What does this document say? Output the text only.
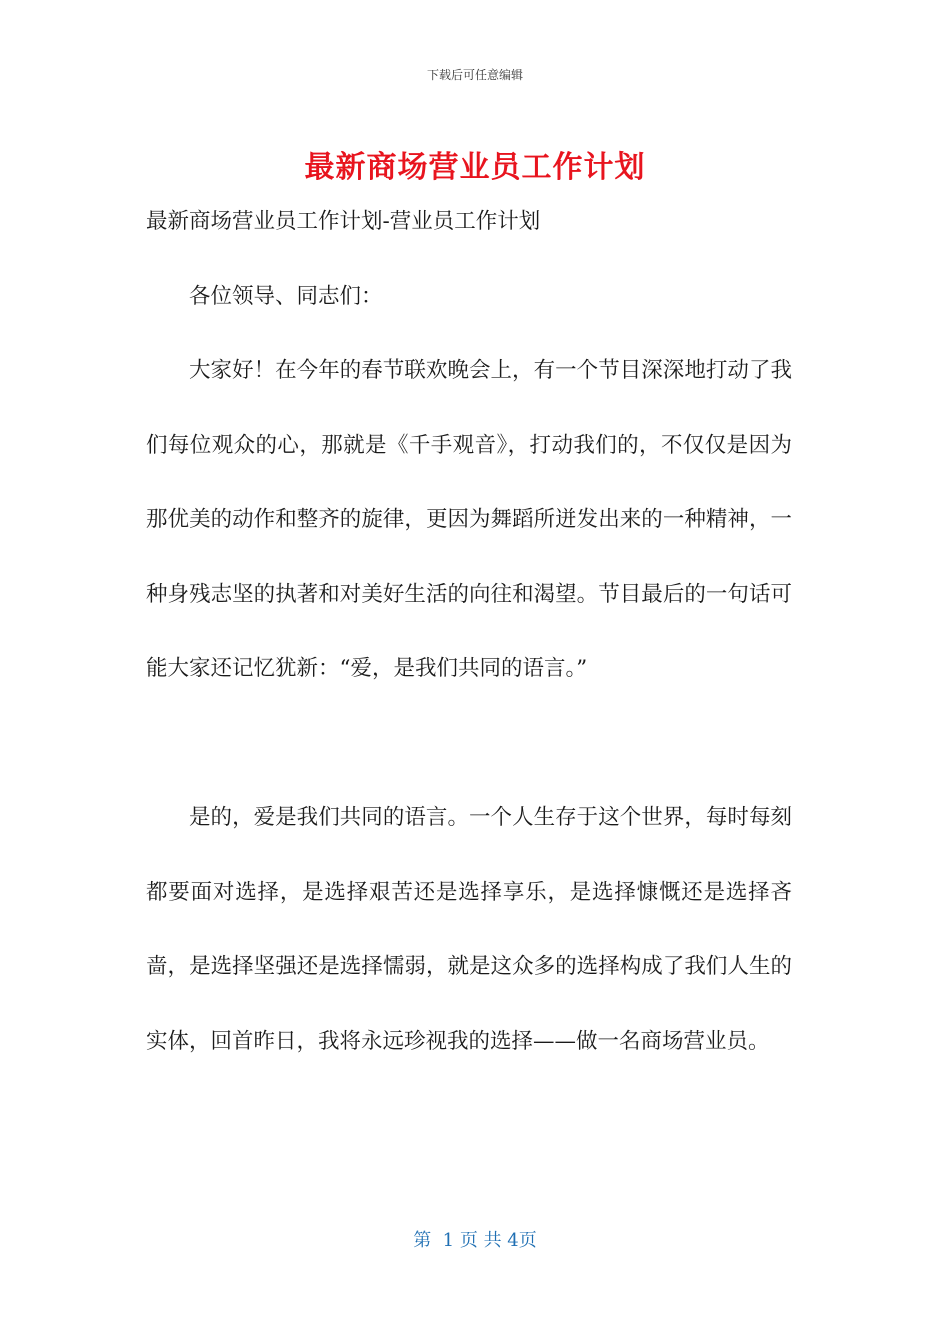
下载后可任意编辑
最新商场营业员工作计划
最新商场营业员工作计划-营业员工作计划
各位领导、同志们：
大家好！在今年的春节联欢晚会上，有一个节目深深地打动了我们每位观众的心，那就是《千手观音》，打动我们的，不仅仅是因为那优美的动作和整齐的旋律，更因为舞蹈所迸发出来的一种精神，一种身残志坚的执著和对美好生活的向往和渴望。节目最后的一句话可能大家还记忆犹新：“爱，是我们共同的语言。”
是的，爱是我们共同的语言。一个人生存于这个世界，每时每刻都要面对选择，是选择艰苦还是选择享乐，是选择慷慨还是选择吝啬，是选择坚强还是选择懦弱，就是这众多的选择构成了我们人生的实体，回首昨日，我将永远珍视我的选择——做一名商场营业员。
第  1 页 共 4页
